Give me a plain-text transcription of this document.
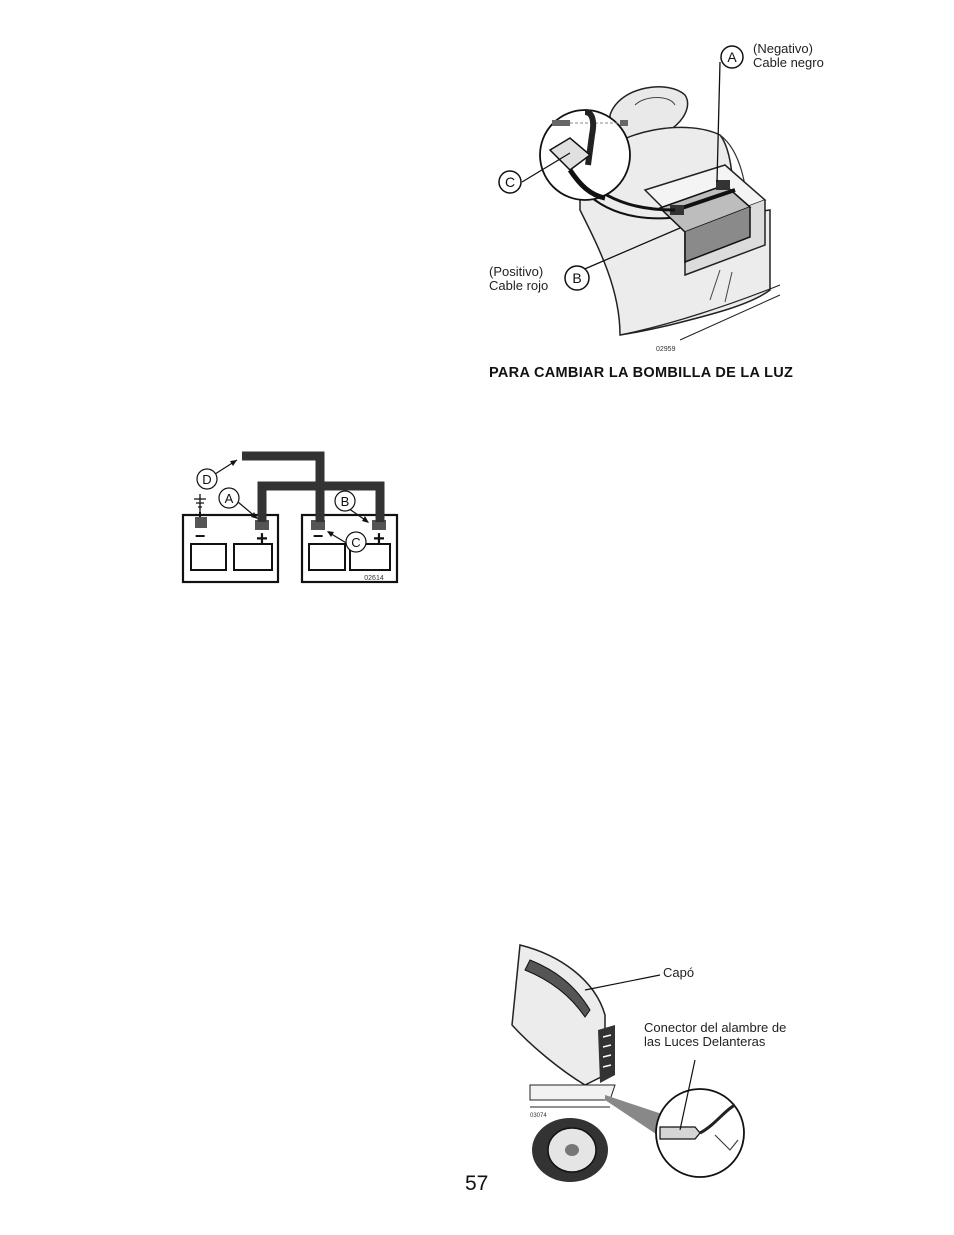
A
C
B
(Negativo)
Cable negro
(Positivo)
Cable rojo
02959
PARA CAMBIAR LA BOMBILLA DE LA LUZ
−	+ − +
D
A	B
C
02614
03074
Capó
Conector del alambre de
las Luces Delanteras
57
